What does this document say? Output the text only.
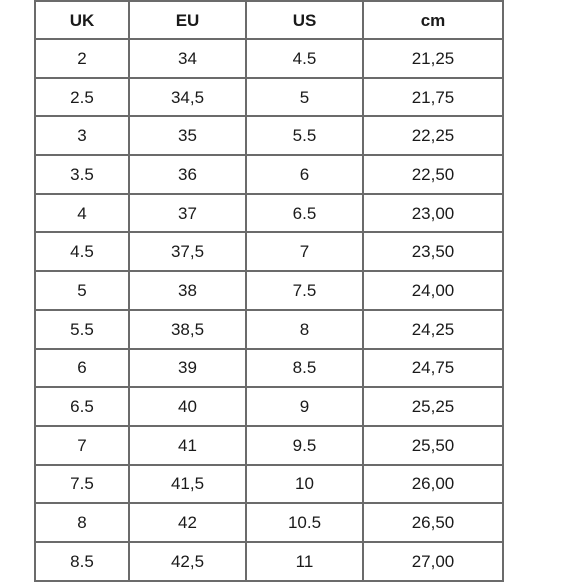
UK	EU	US	cm
2	34	4.5	21,25
2.5	34,5	5	21,75
3	35	5.5	22,25
3.5	36	6	22,50
4	37	6.5	23,00
4.5	37,5	7	23,50
5	38	7.5	24,00
5.5	38,5	8	24,25
6	39	8.5	24,75
6.5	40	9	25,25
7	41	9.5	25,50
7.5	41,5	10	26,00
8	42	10.5	26,50
8.5	42,5	11	27,00
